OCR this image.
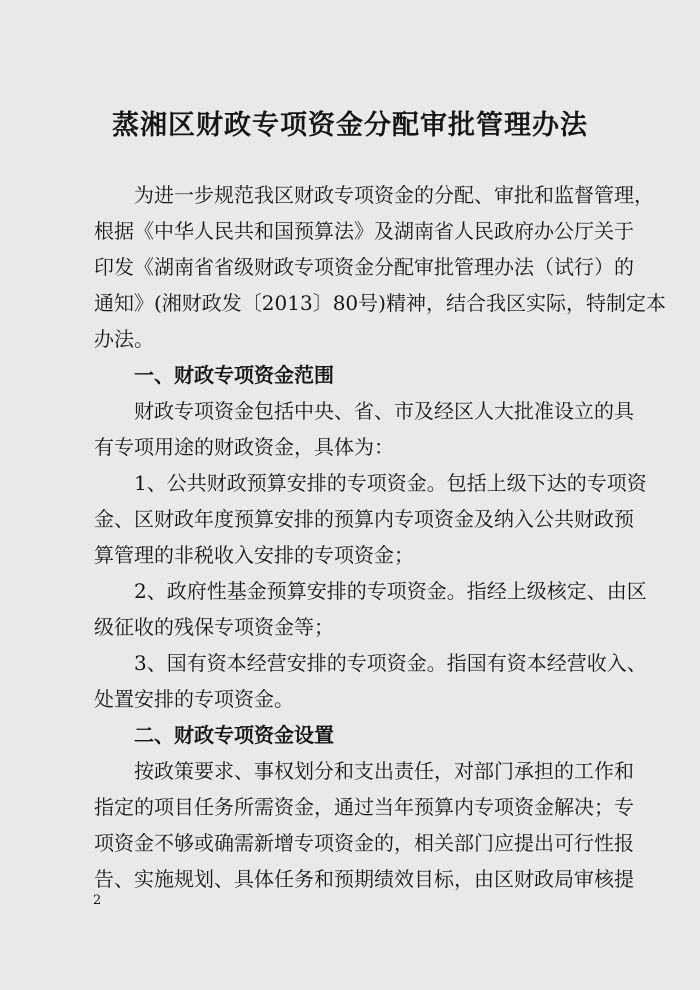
蒸湘区财政专项资金分配审批管理办法
为进一步规范我区财政专项资金的分配、审批和监督管理，
根据《中华人民共和国预算法》及湖南省人民政府办公厅关于
印发《湖南省省级财政专项资金分配审批管理办法（试行）的
通知》(湘财政发〔2013〕80号)精神，结合我区实际，特制定本
办法。
一、财政专项资金范围
财政专项资金包括中央、省、市及经区人大批准设立的具
有专项用途的财政资金，具体为：
1、公共财政预算安排的专项资金。包括上级下达的专项资
金、区财政年度预算安排的预算内专项资金及纳入公共财政预
算管理的非税收入安排的专项资金；
2、政府性基金预算安排的专项资金。指经上级核定、由区
级征收的残保专项资金等；
3、国有资本经营安排的专项资金。指国有资本经营收入、
处置安排的专项资金。
二、财政专项资金设置
按政策要求、事权划分和支出责任，对部门承担的工作和
指定的项目任务所需资金，通过当年预算内专项资金解决；专
项资金不够或确需新增专项资金的，相关部门应提出可行性报
告、实施规划、具体任务和预期绩效目标，由区财政局审核提
2
